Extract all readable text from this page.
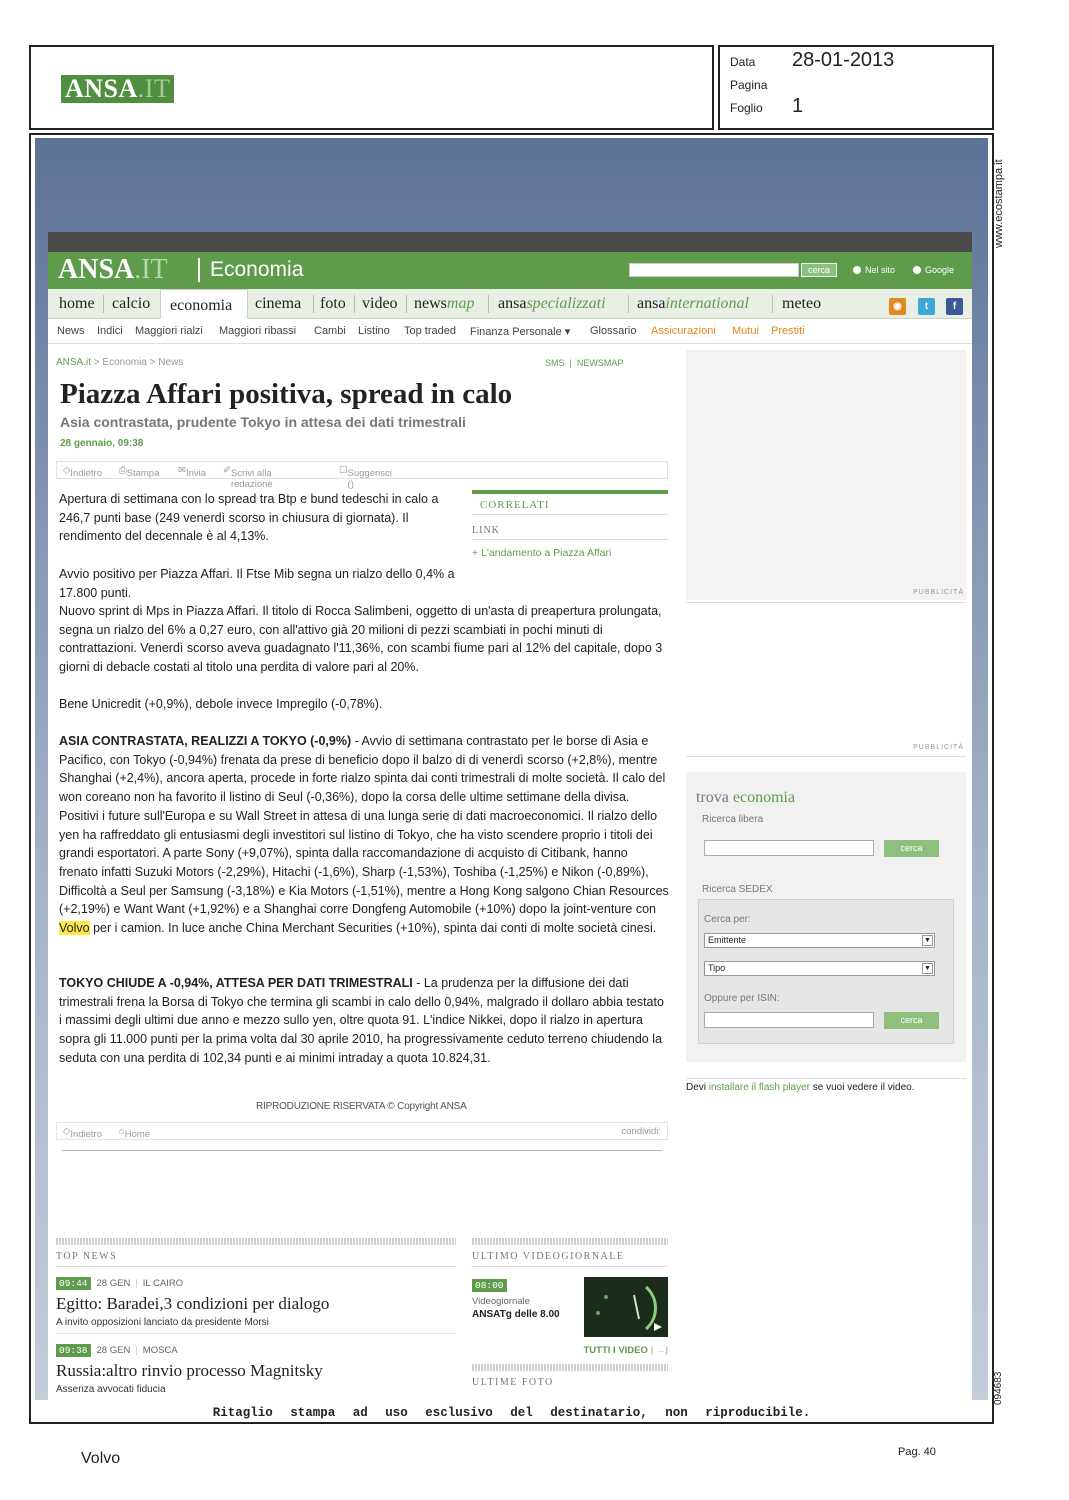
ANSA.IT
Data 28-01-2013
Pagina
Foglio 1
www.ecostampa.it
094683
ANSA.IT	Economia	cerca	Nel sito	Google
home calcio economia cinema foto video newsmap ansaspecializzati ansainternational meteo	◉	t	f
News Indici Maggiori rialzi Maggiori ribassi Cambi Listino Top traded Finanza Personale ▾ Glossario Assicurazioni Mutui Prestiti
ANSA.it > Economia > News	SMS  |  NEWSMAP
Piazza Affari positiva, spread in calo
Asia contrastata, prudente Tokyo in attesa dei dati trimestrali
28 gennaio, 09:38
◇ Indietro ⎙ Stampa ✉ Invia ✐ Scrivi alla redazione
☐ Suggerisci ()

Apertura di settimana con lo spread tra Btp e bund tedeschi in calo a 246,7 punti base (249 venerdì scorso in chiusura di giornata). Il rendimento del decennale è al 4,13%.

Avvio positivo per Piazza Affari. Il Ftse Mib segna un rialzo dello 0,4% a 17.800 punti.

Nuovo sprint di Mps in Piazza Affari. Il titolo di Rocca Salimbeni, oggetto di un'asta di preapertura prolungata, segna un rialzo del 6% a 0,27 euro, con all'attivo già 20 milioni di pezzi scambiati in pochi minuti di contrattazioni. Venerdì scorso aveva guadagnato l'11,36%, con scambi fiume pari al 12% del capitale, dopo 3 giorni di debacle costati al titolo una perdita di valore pari al 20%.

Bene Unicredit (+0,9%), debole invece Impregilo (-0,78%).

ASIA CONTRASTATA, REALIZZI A TOKYO (-0,9%) - Avvio di settimana contrastato per le borse di Asia e Pacifico, con Tokyo (-0,94%) frenata da prese di beneficio dopo il balzo di di venerdì scorso (+2,8%), mentre Shanghai (+2,4%), ancora aperta, procede in forte rialzo spinta dai conti trimestrali di molte società. Il calo del won coreano non ha favorito il listino di Seul (-0,36%), dopo la corsa delle ultime settimane della divisa. Positivi i future sull'Europa e su Wall Street in attesa di una lunga serie di dati macroeconomici. Il rialzo dello yen ha raffreddato gli entusiasmi degli investitori sul listino di Tokyo, che ha visto scendere proprio i titoli dei grandi esportatori. A parte Sony (+9,07%), spinta dalla raccomandazione di acquisto di Citibank, hanno frenato infatti Suzuki Motors (-2,29%), Hitachi (-1,6%), Sharp (-1,53%), Toshiba (-1,25%) e Nikon (-0,89%), Difficoltà a Seul per Samsung (-3,18%) e Kia Motors (-1,51%), mentre a Hong Kong salgono Chian Resources (+2,19%) e Want Want (+1,92%) e a Shanghai corre Dongfeng Automobile (+10%) dopo la joint-venture con Volvo per i camion. In luce anche China Merchant Securities (+10%), spinta dai conti di molte società cinesi.

TOKYO CHIUDE A -0,94%, ATTESA PER DATI TRIMESTRALI - La prudenza per la diffusione dei dati trimestrali frena la Borsa di Tokyo che termina gli scambi in calo dello 0,94%, malgrado il dollaro abbia testato i massimi degli ultimi due anno e mezzo sullo yen, oltre quota 91. L'indice Nikkei, dopo il rialzo in apertura sopra gli 11.000 punti per la prima volta dal 30 aprile 2010, ha progressivamente ceduto terreno chiudendo la seduta con una perdita di 102,34 punti e ai minimi intraday a quota 10.824,31.

CORRELATI
LINK
+ L'andamento a Piazza Affari
RIPRODUZIONE RISERVATA © Copyright ANSA
◇ Indietro ⌂ Home	condividi:
TOP NEWS
09:44 28 GEN | IL CAIRO
Egitto: Baradei,3 condizioni per dialogo
A invito opposizioni lanciato da presidente Morsi
09:38 28 GEN | MOSCA
Russia:altro rinvio processo Magnitsky
Assenza avvocati fiducia
ULTIMO VIDEOGIORNALE
08:00
Videogiornale
ANSATg delle 8.00
TUTTI I VIDEO | →|
ULTIME FOTO
PUBBLICITÀ
PUBBLICITÀ
trova economia
Ricerca libera
cerca
Ricerca SEDEX
Cerca per:
Emittente	▼
Tipo	▼
Oppure per ISIN:
cerca
Devi installare il flash player se vuoi vedere il video.
Ritaglio stampa ad uso esclusivo del destinatario, non riproducibile.
Volvo	Pag. 40
